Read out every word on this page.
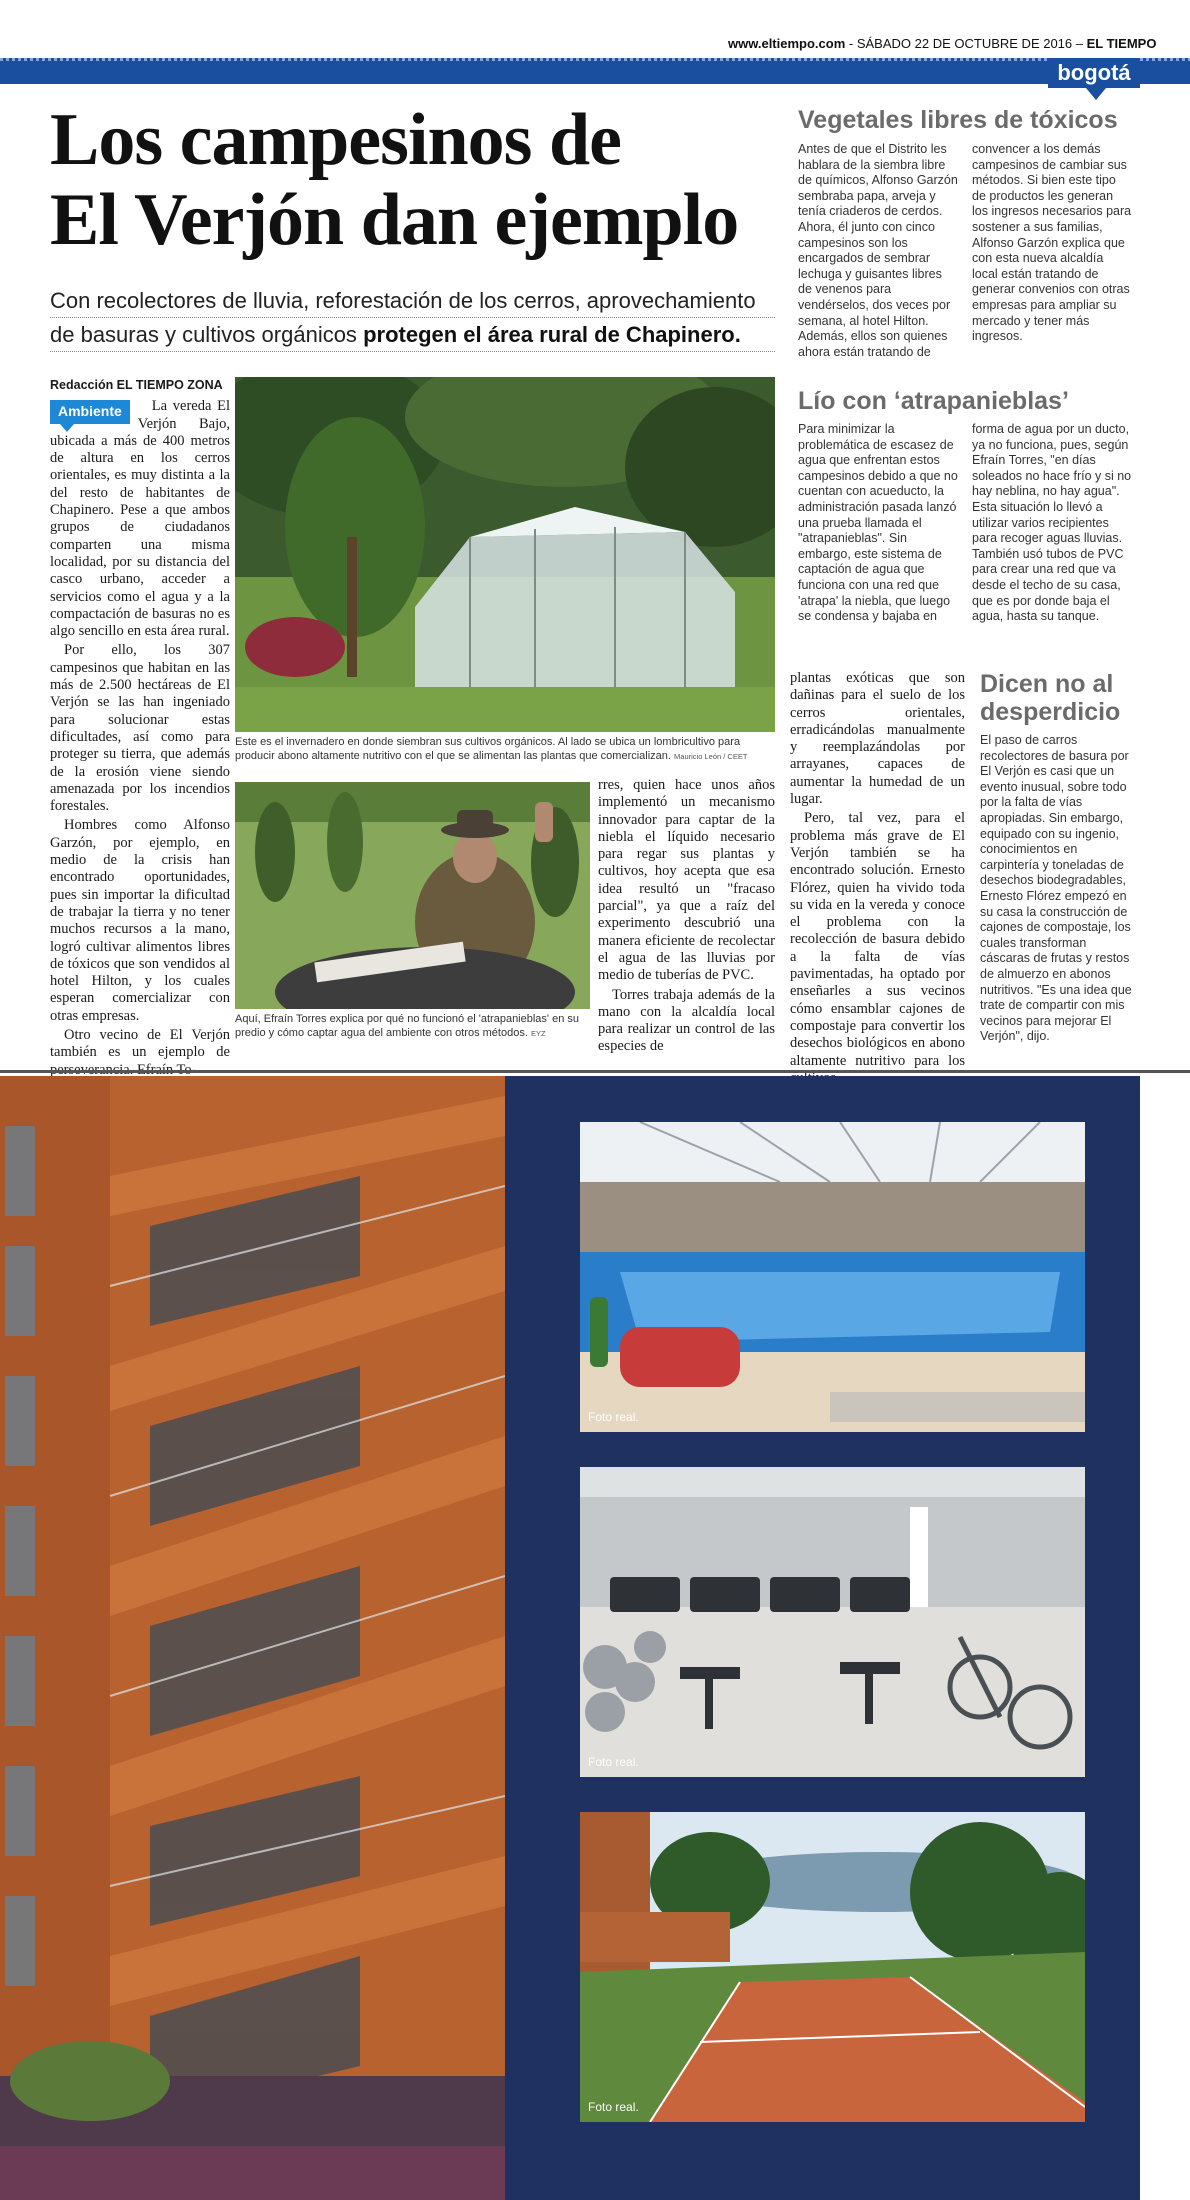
www.eltiempo.com - SÁBADO 22 DE OCTUBRE DE 2016 – EL TIEMPO
bogotá
Los campesinos de
El Verjón dan ejemplo
Con recolectores de lluvia, reforestación de los cerros, aprovechamiento
de basuras y cultivos orgánicos protegen el área rural de Chapinero.
Redacción EL TIEMPO ZONA
Ambiente	La vereda El Verjón Bajo, ubicada a más de 400 metros de altura en los cerros orientales, es muy distinta a la del resto de habitantes de Chapinero. Pese a que ambos grupos de ciudadanos comparten una misma localidad, por su distancia del casco urbano, acceder a servicios como el agua y a la compactación de basuras no es algo sencillo en esta área rural.

Por ello, los 307 campesinos que habitan en las más de 2.500 hectáreas de El Verjón se las han ingeniado para solucionar estas dificultades, así como para proteger su tierra, que además de la erosión viene siendo amenazada por los incendios forestales.

Hombres como Alfonso Garzón, por ejemplo, en medio de la crisis han encontrado oportunidades, pues sin importar la dificultad de trabajar la tierra y no tener muchos recursos a la mano, logró cultivar alimentos libres de tóxicos que son vendidos al hotel Hilton, y los cuales esperan comercializar con otras empresas.

Otro vecino de El Verjón también es un ejemplo de

Este es el invernadero en donde siembran sus cultivos orgánicos. Al lado se ubica un lombricultivo para producir abono altamente nutritivo con el que se alimentan las plantas que comercializan. Mauricio León / CEET
Aquí, Efraín Torres explica por qué no funcionó el 'atrapanieblas' en su predio y cómo captar agua del ambiente con otros métodos. EYZ

rres, quien hace unos años implementó un mecanismo innovador para captar de la niebla el líquido necesario para regar sus plantas y cultivos, hoy acepta que esa idea resultó un "fracaso parcial", ya que a raíz del experimento descubrió una manera eficiente de recolectar el agua de las lluvias por medio de tuberías de PVC.

Torres trabaja además de la mano con la alcaldía local para realizar un control de las especies de

plantas exóticas que son dañinas para el suelo de los cerros orientales, erradicándolas manualmente y reemplazándolas por arrayanes, capaces de aumentar la humedad de un lugar.

Pero, tal vez, para el problema más grave de El Verjón también se ha encontrado solución. Ernesto Flórez, quien ha vivido toda su vida en la vereda y conoce el problema con la recolección de basura debido a la falta de vías pavimentadas, ha optado por enseñarles a sus vecinos cómo ensamblar cajones de compostaje para convertir los desechos biológicos en abono altamente nutritivo para los

Vegetales libres de tóxicos
Antes de que el Distrito les hablara de la siembra libre de químicos, Alfonso Garzón sembraba papa, arveja y tenía criaderos de cerdos. Ahora, él junto con cinco campesinos son los encargados de sembrar lechuga y guisantes libres de venenos para vendérselos, dos veces por semana, al hotel Hilton. Además, ellos son quienes ahora están tratando de
convencer a los demás campesinos de cambiar sus métodos. Si bien este tipo de productos les generan los ingresos necesarios para sostener a sus familias, Alfonso Garzón explica que con esta nueva alcaldía local están tratando de generar convenios con otras empresas para ampliar su mercado y tener más ingresos.
Lío con ‘atrapanieblas’
Para minimizar la problemática de escasez de agua que enfrentan estos campesinos debido a que no cuentan con acueducto, la administración pasada lanzó una prueba llamada el "atrapanieblas". Sin embargo, este sistema de captación de agua que funciona con una red que 'atrapa' la niebla, que luego se condensa y bajaba en
forma de agua por un ducto, ya no funciona, pues, según Efraín Torres, "en días soleados no hace frío y si no hay neblina, no hay agua". Esta situación lo llevó a utilizar varios recipientes para recoger aguas lluvias. También usó tubos de PVC para crear una red que va desde el techo de su casa, que es por donde baja el agua, hasta su tanque.
Dicen no al
desperdicio
El paso de carros recolectores de basura por El Verjón es casi que un evento inusual, sobre todo por la falta de vías apropiadas. Sin embargo, equipado con su ingenio, conocimientos en carpintería y toneladas de desechos biodegradables, Ernesto Flórez empezó en su casa la construcción de cajones de compostaje, los cuales transforman cáscaras de frutas y restos de almuerzo en abonos nutritivos. "Es una idea que trate de compartir con mis vecinos para mejorar El Verjón", dijo.
Foto real.
Foto real.
Foto real.
